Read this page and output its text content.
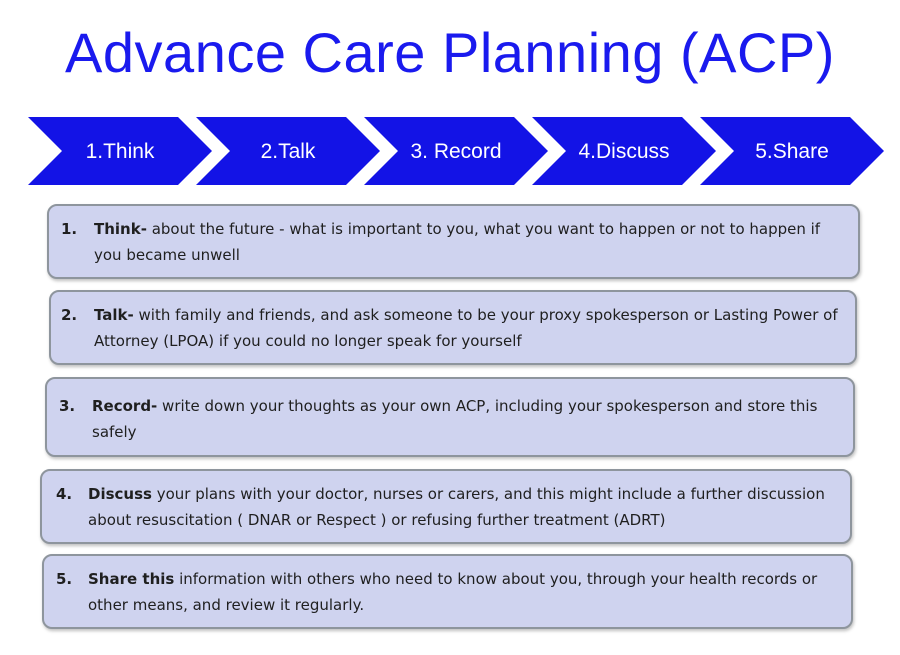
Advance Care Planning (ACP)
1.Think	2.Talk	3. Record	4.Discuss	5.Share
1. Think- about the future - what is important to you, what you want to happen or not to happen if you became unwell
2. Talk- with family and friends, and ask someone to be your proxy spokesperson or Lasting Power of Attorney (LPOA) if you could no longer speak for yourself
3. Record- write down your thoughts as your own ACP, including your spokesperson and store this safely
4. Discuss your plans with your doctor, nurses or carers, and this might include a further discussion about resuscitation ( DNAR or Respect ) or refusing further treatment (ADRT)
5. Share this information with others who need to know about you, through your health records or other means, and review it regularly.
